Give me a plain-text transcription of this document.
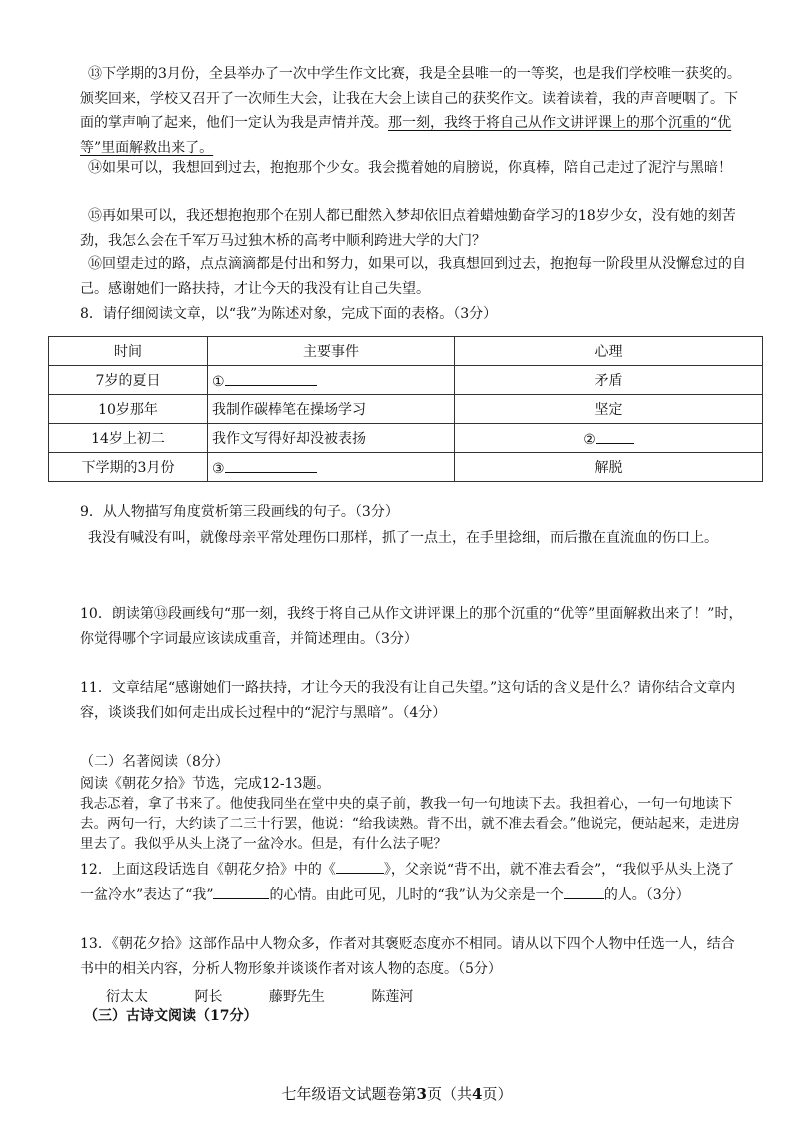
⑬下学期的3月份，全县举办了一次中学生作文比赛，我是全县唯一的一等奖，也是我们学校唯一获奖的。颁奖回来，学校又召开了一次师生大会，让我在大会上读自己的获奖作文。读着读着，我的声音哽咽了。下面的掌声响了起来，他们一定认为我是声情并茂。那一刻，我终于将自己从作文讲评课上的那个沉重的“优等”里面解救出来了。

⑭如果可以，我想回到过去，抱抱那个少女。我会揽着她的肩膀说，你真棒，陪自己走过了泥泞与黑暗！

⑮再如果可以，我还想抱抱那个在别人都已酣然入梦却依旧点着蜡烛勤奋学习的18岁少女，没有她的刻苦劲，我怎么会在千军万马过独木桥的高考中顺利跨进大学的大门？

⑯回望走过的路，点点滴滴都是付出和努力，如果可以，我真想回到过去，抱抱每一阶段里从没懈怠过的自己。感谢她们一路扶持，才让今天的我没有让自己失望。

8．请仔细阅读文章，以“我”为陈述对象，完成下面的表格。（3分）

时间	主要事件	心理
7岁的夏日	①	矛盾
10岁那年	我制作碳棒笔在操场学习	坚定
14岁上初二	我作文写得好却没被表扬	②
下学期的3月份	③	解脱

9．从人物描写角度赏析第三段画线的句子。（3分）

我没有喊没有叫，就像母亲平常处理伤口那样，抓了一点土，在手里捻细，而后撒在直流血的伤口上。

10．朗读第⑬段画线句“那一刻，我终于将自己从作文讲评课上的那个沉重的“优等”里面解救出来了！”时，你觉得哪个字词最应该读成重音，并简述理由。（3分）

11．文章结尾“感谢她们一路扶持，才让今天的我没有让自己失望。”这句话的含义是什么？请你结合文章内容，谈谈我们如何走出成长过程中的“泥泞与黑暗”。（4分）

（二）名著阅读（8分）

阅读《朝花夕拾》节选，完成12-13题。

我忐忑着，拿了书来了。他使我同坐在堂中央的桌子前，教我一句一句地读下去。我担着心，一句一句地读下去。两句一行，大约读了二三十行罢，他说：“给我读熟。背不出，就不准去看会。”他说完，便站起来，走进房里去了。我似乎从头上浇了一盆冷水。但是，有什么法子呢？

12．上面这段话选自《朝花夕拾》中的《	》，父亲说“背不出，就不准去看会”，“我似乎从头上浇了一盆冷水”表达了“我”	的心情。由此可见，儿时的“我”认为父亲是一个	的人。（3分）

13．《朝花夕拾》这部作品中人物众多，作者对其褒贬态度亦不相同。请从以下四个人物中任选一人，结合书中的相关内容，分析人物形象并谈谈作者对该人物的态度。（5分）

衍太太	阿长	藤野先生	陈莲河

（三）古诗文阅读（17分）

七年级语文试题卷第3页（共4页）
